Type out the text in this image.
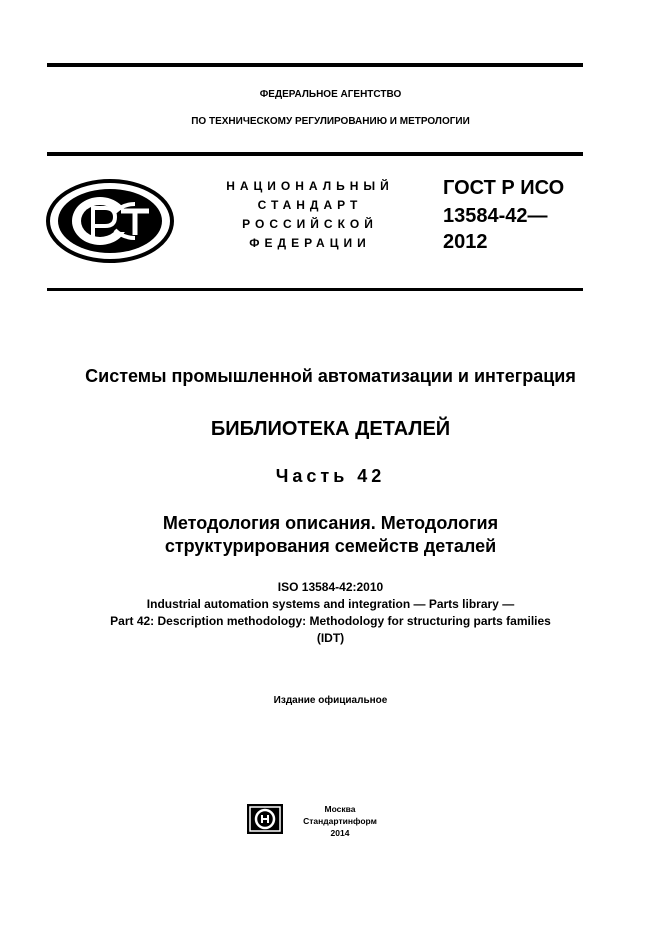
ФЕДЕРАЛЬНОЕ АГЕНТСТВО
ПО ТЕХНИЧЕСКОМУ РЕГУЛИРОВАНИЮ И МЕТРОЛОГИИ
НАЦИОНАЛЬНЫЙ
СТАНДАРТ
РОССИЙСКОЙ
ФЕДЕРАЦИИ
ГОСТ Р ИСО
13584-42—
2012
Системы промышленной автоматизации и интеграция
БИБЛИОТЕКА ДЕТАЛЕЙ
Часть 42
Методология описания. Методология
структурирования семейств деталей
ISO 13584-42:2010
Industrial automation systems and integration — Parts library —
Part 42: Description methodology: Methodology for structuring parts families
(IDT)
Издание официальное
Москва
Стандартинформ
2014
